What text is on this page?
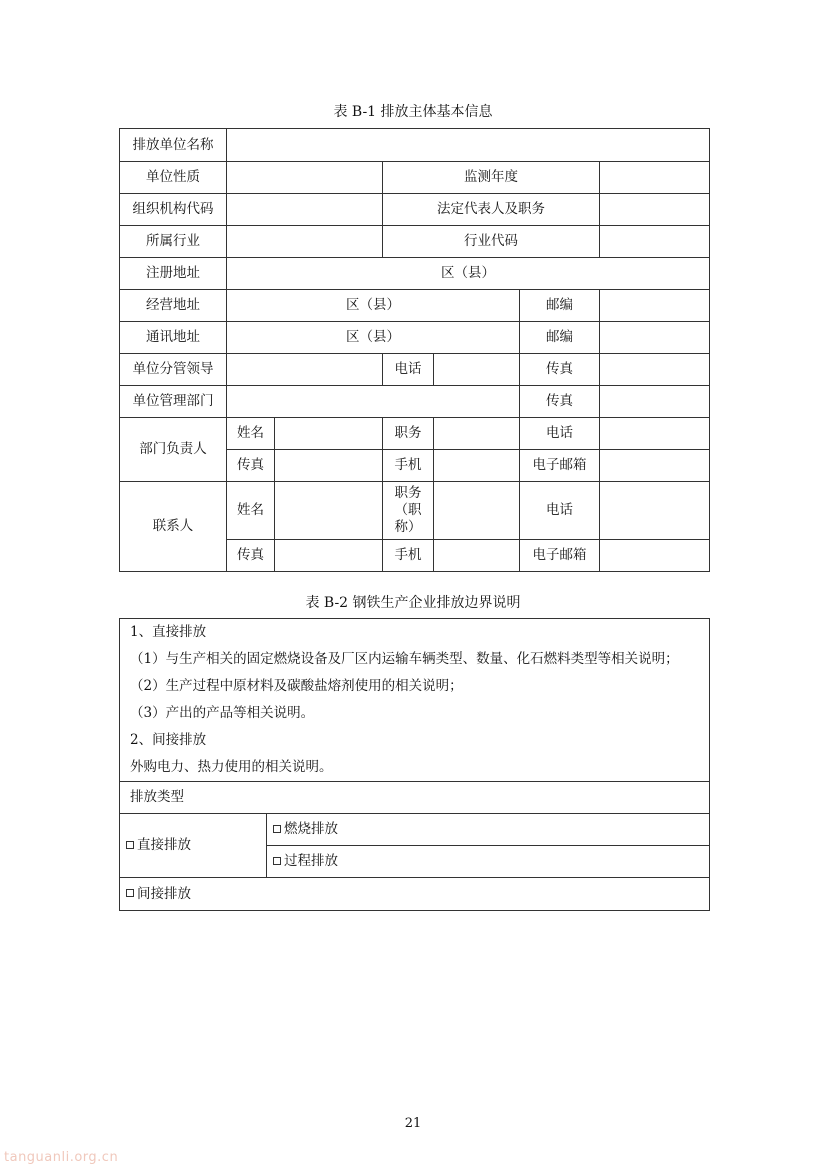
表 B-1 排放主体基本信息
排放单位名称						
单位性质			监测年度			
组织机构代码			法定代表人及职务			
所属行业			行业代码			
注册地址	区（县）					
经营地址	区（县）				邮编	
通讯地址	区（县）				邮编	
单位分管领导			电话		传真	
单位管理部门					传真	
部门负责人	姓名		职务		电话	
	传真		手机		电子邮箱	
联系人	姓名		职务（职称）		电话	
	传真		手机		电子邮箱	
表 B-2 钢铁生产企业排放边界说明
1、直接排放
（1）与生产相关的固定燃烧设备及厂区内运输车辆类型、数量、化石燃料类型等相关说明；
（2）生产过程中原材料及碳酸盐熔剂使用的相关说明；
（3）产出的产品等相关说明。
2、间接排放
外购电力、热力使用的相关说明。

排放类型
直接排放	燃烧排放
过程排放
间接排放
21
tanguanli.org.cn
